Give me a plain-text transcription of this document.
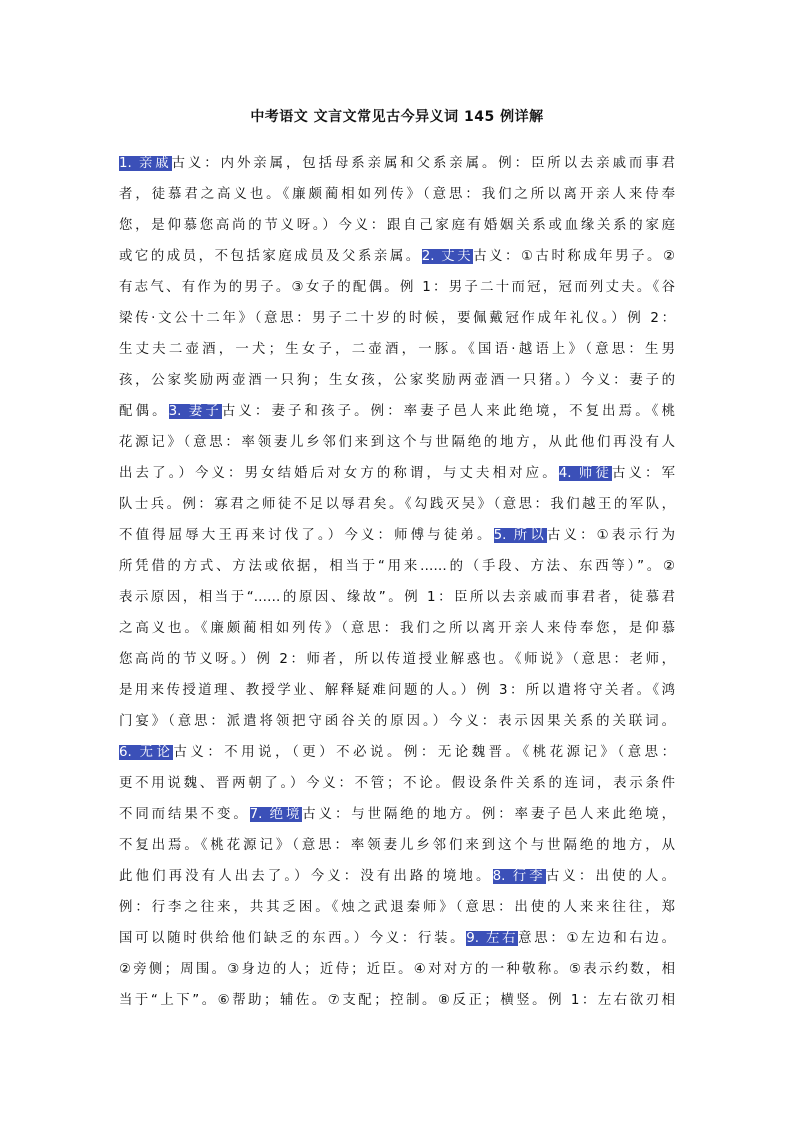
中考语文 文言文常见古今异义词 145 例详解
1. 亲戚古义：内外亲属，包括母系亲属和父系亲属。例：臣所以去亲戚而事君
者，徒慕君之高义也。《廉颇蔺相如列传》（意思：我们之所以离开亲人来侍奉
您，是仰慕您高尚的节义呀。）今义：跟自己家庭有婚姻关系或血缘关系的家庭
或它的成员，不包括家庭成员及父系亲属。2. 丈夫古义：①古时称成年男子。②
有志气、有作为的男子。③女子的配偶。例 1：男子二十而冠，冠而列丈夫。《谷
梁传·文公十二年》（意思：男子二十岁的时候，要佩戴冠作成年礼仪。）例 2：
生丈夫二壶酒，一犬；生女子，二壶酒，一豚。《国语·越语上》（意思：生男
孩，公家奖励两壶酒一只狗；生女孩，公家奖励两壶酒一只猪。）今义：妻子的
配偶。3. 妻子古义：妻子和孩子。例：率妻子邑人来此绝境，不复出焉。《桃
花源记》（意思：率领妻儿乡邻们来到这个与世隔绝的地方，从此他们再没有人
出去了。）今义：男女结婚后对女方的称谓，与丈夫相对应。4. 师徒古义：军
队士兵。例：寡君之师徒不足以辱君矣。《勾践灭吴》（意思：我们越王的军队，
不值得屈辱大王再来讨伐了。）今义：师傅与徒弟。5. 所以古义：①表示行为
所凭借的方式、方法或依据，相当于“用来……的（手段、方法、东西等）”。②
表示原因，相当于“……的原因、缘故”。例 1：臣所以去亲戚而事君者，徒慕君
之高义也。《廉颇蔺相如列传》（意思：我们之所以离开亲人来侍奉您，是仰慕
您高尚的节义呀。）例 2：师者，所以传道授业解惑也。《师说》（意思：老师，
是用来传授道理、教授学业、解释疑难问题的人。）例 3：所以遣将守关者。《鸿
门宴》（意思：派遣将领把守函谷关的原因。）今义：表示因果关系的关联词。
6. 无论古义：不用说，（更）不必说。例：无论魏晋。《桃花源记》（意思：
更不用说魏、晋两朝了。）今义：不管；不论。假设条件关系的连词，表示条件
不同而结果不变。7. 绝境古义：与世隔绝的地方。例：率妻子邑人来此绝境，
不复出焉。《桃花源记》（意思：率领妻儿乡邻们来到这个与世隔绝的地方，从
此他们再没有人出去了。）今义：没有出路的境地。8. 行李古义：出使的人。
例：行李之往来，共其乏困。《烛之武退秦师》（意思：出使的人来来往往，郑
国可以随时供给他们缺乏的东西。）今义：行装。9. 左右意思：①左边和右边。
②旁侧；周围。③身边的人；近侍；近臣。④对对方的一种敬称。⑤表示约数，相
当于“上下”。⑥帮助；辅佐。⑦支配；控制。⑧反正；横竖。例 1：左右欲刃相
